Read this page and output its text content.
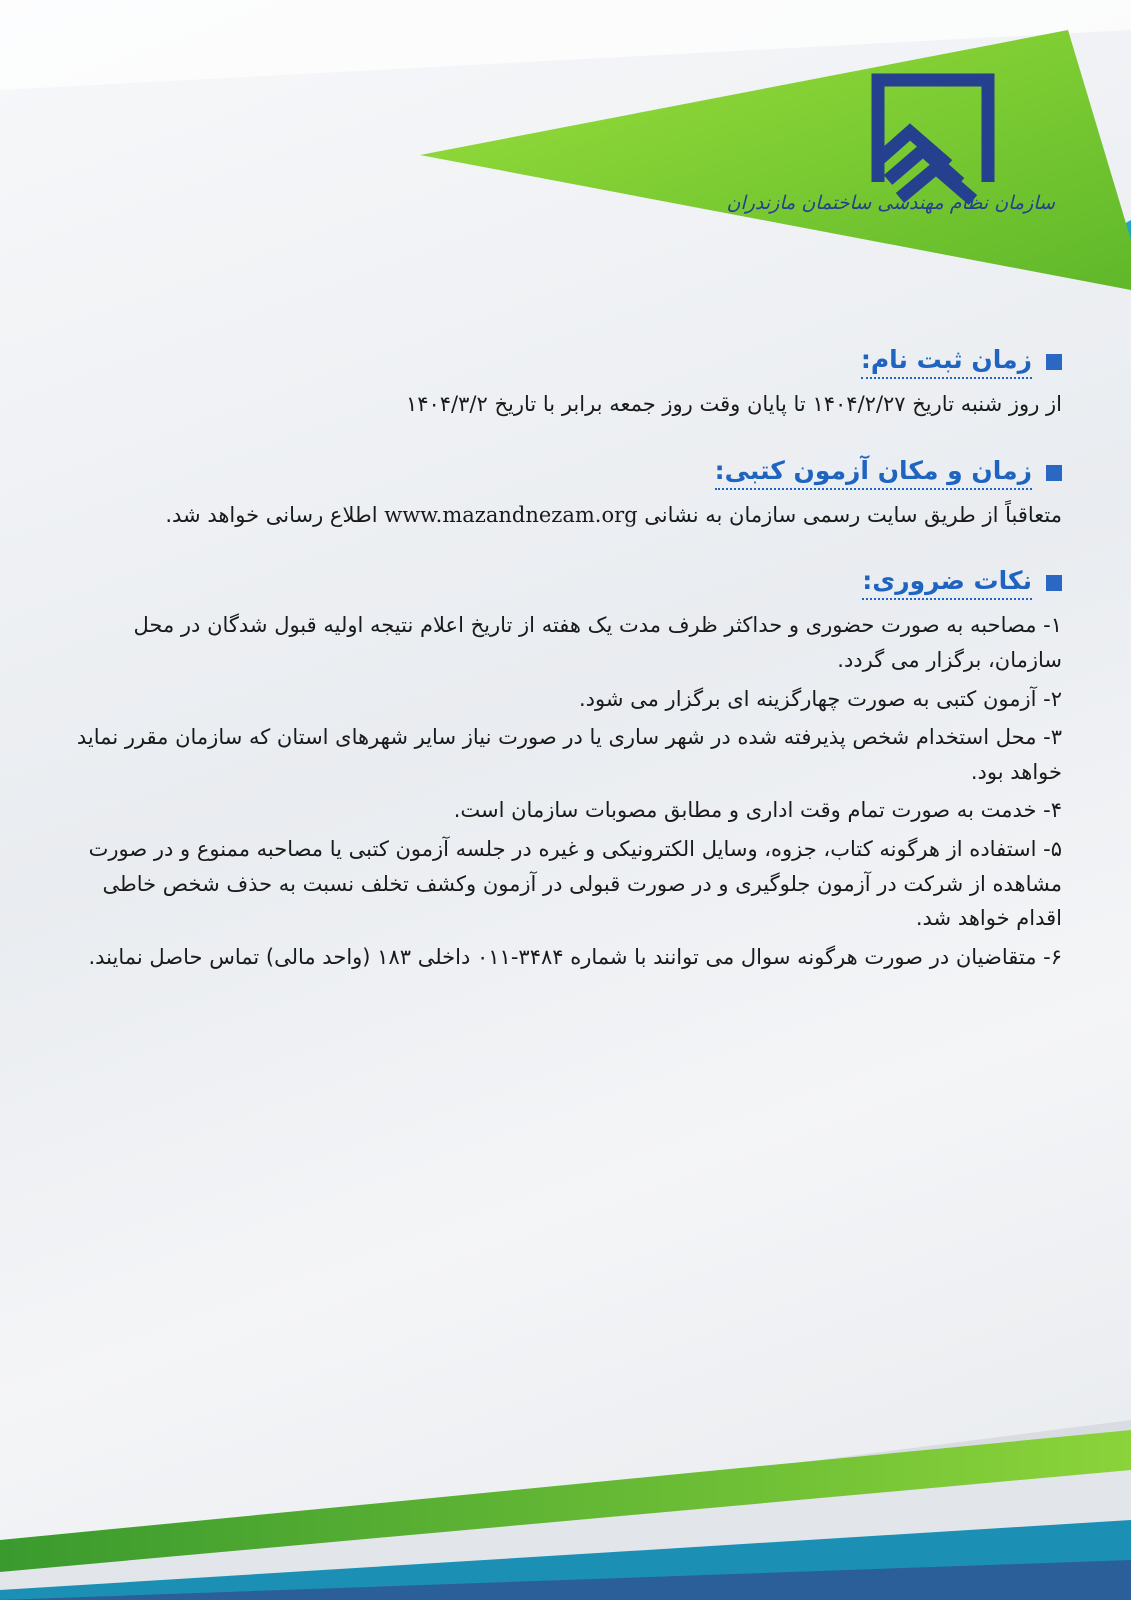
سازمان نظام مهندسی ساختمان مازندران
زمان ثبت نام:
از روز شنبه تاریخ ۱۴۰۴/۲/۲۷ تا پایان وقت روز جمعه برابر با تاریخ ۱۴۰۴/۳/۲
زمان و مکان آزمون کتبی:
متعاقباً از طریق سایت رسمی سازمان به نشانی www.mazandnezam.org اطلاع رسانی خواهد شد.
نکات ضروری:
۱- مصاحبه به صورت حضوری و حداکثر ظرف مدت یک هفته از تاریخ اعلام نتیجه اولیه قبول شدگان در محل سازمان، برگزار می گردد.
۲- آزمون کتبی به صورت چهارگزینه ای برگزار می شود.
۳- محل استخدام شخص پذیرفته شده در شهر ساری یا در صورت نیاز سایر شهرهای استان که سازمان مقرر نماید خواهد بود.
۴- خدمت به صورت تمام وقت اداری و مطابق مصوبات سازمان است.
۵- استفاده از هرگونه کتاب، جزوه، وسایل الکترونیکی و غیره در جلسه آزمون کتبی یا مصاحبه ممنوع و در صورت مشاهده از شرکت در آزمون جلوگیری و در صورت قبولی در آزمون وکشف تخلف نسبت به حذف شخص خاطی اقدام خواهد شد.
۶- متقاضیان در صورت هرگونه سوال می توانند با شماره ۳۴۸۴-۰۱۱ داخلی ۱۸۳ (واحد مالی) تماس حاصل نمایند.
